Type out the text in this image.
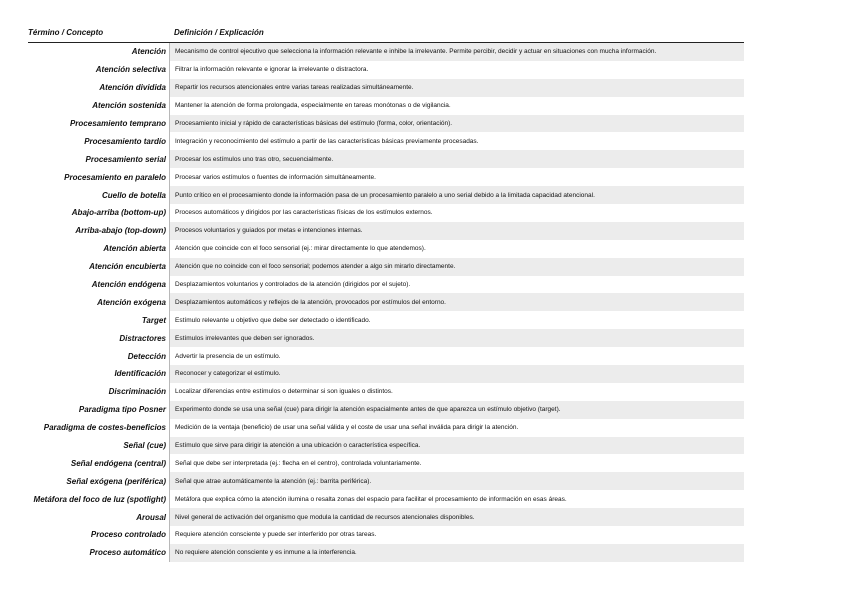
Término / Concepto	Definición / Explicación
Atención	Mecanismo de control ejecutivo que selecciona la información relevante e inhibe la irrelevante. Permite percibir, decidir y actuar en situaciones con mucha información.
Atención selectiva	Filtrar la información relevante e ignorar la irrelevante o distractora.
Atención dividida	Repartir los recursos atencionales entre varias tareas realizadas simultáneamente.
Atención sostenida	Mantener la atención de forma prolongada, especialmente en tareas monótonas o de vigilancia.
Procesamiento temprano	Procesamiento inicial y rápido de características básicas del estímulo (forma, color, orientación).
Procesamiento tardío	Integración y reconocimiento del estímulo a partir de las características básicas previamente procesadas.
Procesamiento serial	Procesar los estímulos uno tras otro, secuencialmente.
Procesamiento en paralelo	Procesar varios estímulos o fuentes de información simultáneamente.
Cuello de botella	Punto crítico en el procesamiento donde la información pasa de un procesamiento paralelo a uno serial debido a la limitada capacidad atencional.
Abajo-arriba (bottom-up)	Procesos automáticos y dirigidos por las características físicas de los estímulos externos.
Arriba-abajo (top-down)	Procesos voluntarios y guiados por metas e intenciones internas.
Atención abierta	Atención que coincide con el foco sensorial (ej.: mirar directamente lo que atendemos).
Atención encubierta	Atención que no coincide con el foco sensorial; podemos atender a algo sin mirarlo directamente.
Atención endógena	Desplazamientos voluntarios y controlados de la atención (dirigidos por el sujeto).
Atención exógena	Desplazamientos automáticos y reflejos de la atención, provocados por estímulos del entorno.
Target	Estímulo relevante u objetivo que debe ser detectado o identificado.
Distractores	Estímulos irrelevantes que deben ser ignorados.
Detección	Advertir la presencia de un estímulo.
Identificación	Reconocer y categorizar el estímulo.
Discriminación	Localizar diferencias entre estímulos o determinar si son iguales o distintos.
Paradigma tipo Posner	Experimento donde se usa una señal (cue) para dirigir la atención espacialmente antes de que aparezca un estímulo objetivo (target).
Paradigma de costes-beneficios	Medición de la ventaja (beneficio) de usar una señal válida y el coste de usar una señal inválida para dirigir la atención.
Señal (cue)	Estímulo que sirve para dirigir la atención a una ubicación o característica específica.
Señal endógena (central)	Señal que debe ser interpretada (ej.: flecha en el centro), controlada voluntariamente.
Señal exógena (periférica)	Señal que atrae automáticamente la atención (ej.: barrita periférica).
Metáfora del foco de luz (spotlight)	Metáfora que explica cómo la atención ilumina o resalta zonas del espacio para facilitar el procesamiento de información en esas áreas.
Arousal	Nivel general de activación del organismo que modula la cantidad de recursos atencionales disponibles.
Proceso controlado	Requiere atención consciente y puede ser interferido por otras tareas.
Proceso automático	No requiere atención consciente y es inmune a la interferencia.
